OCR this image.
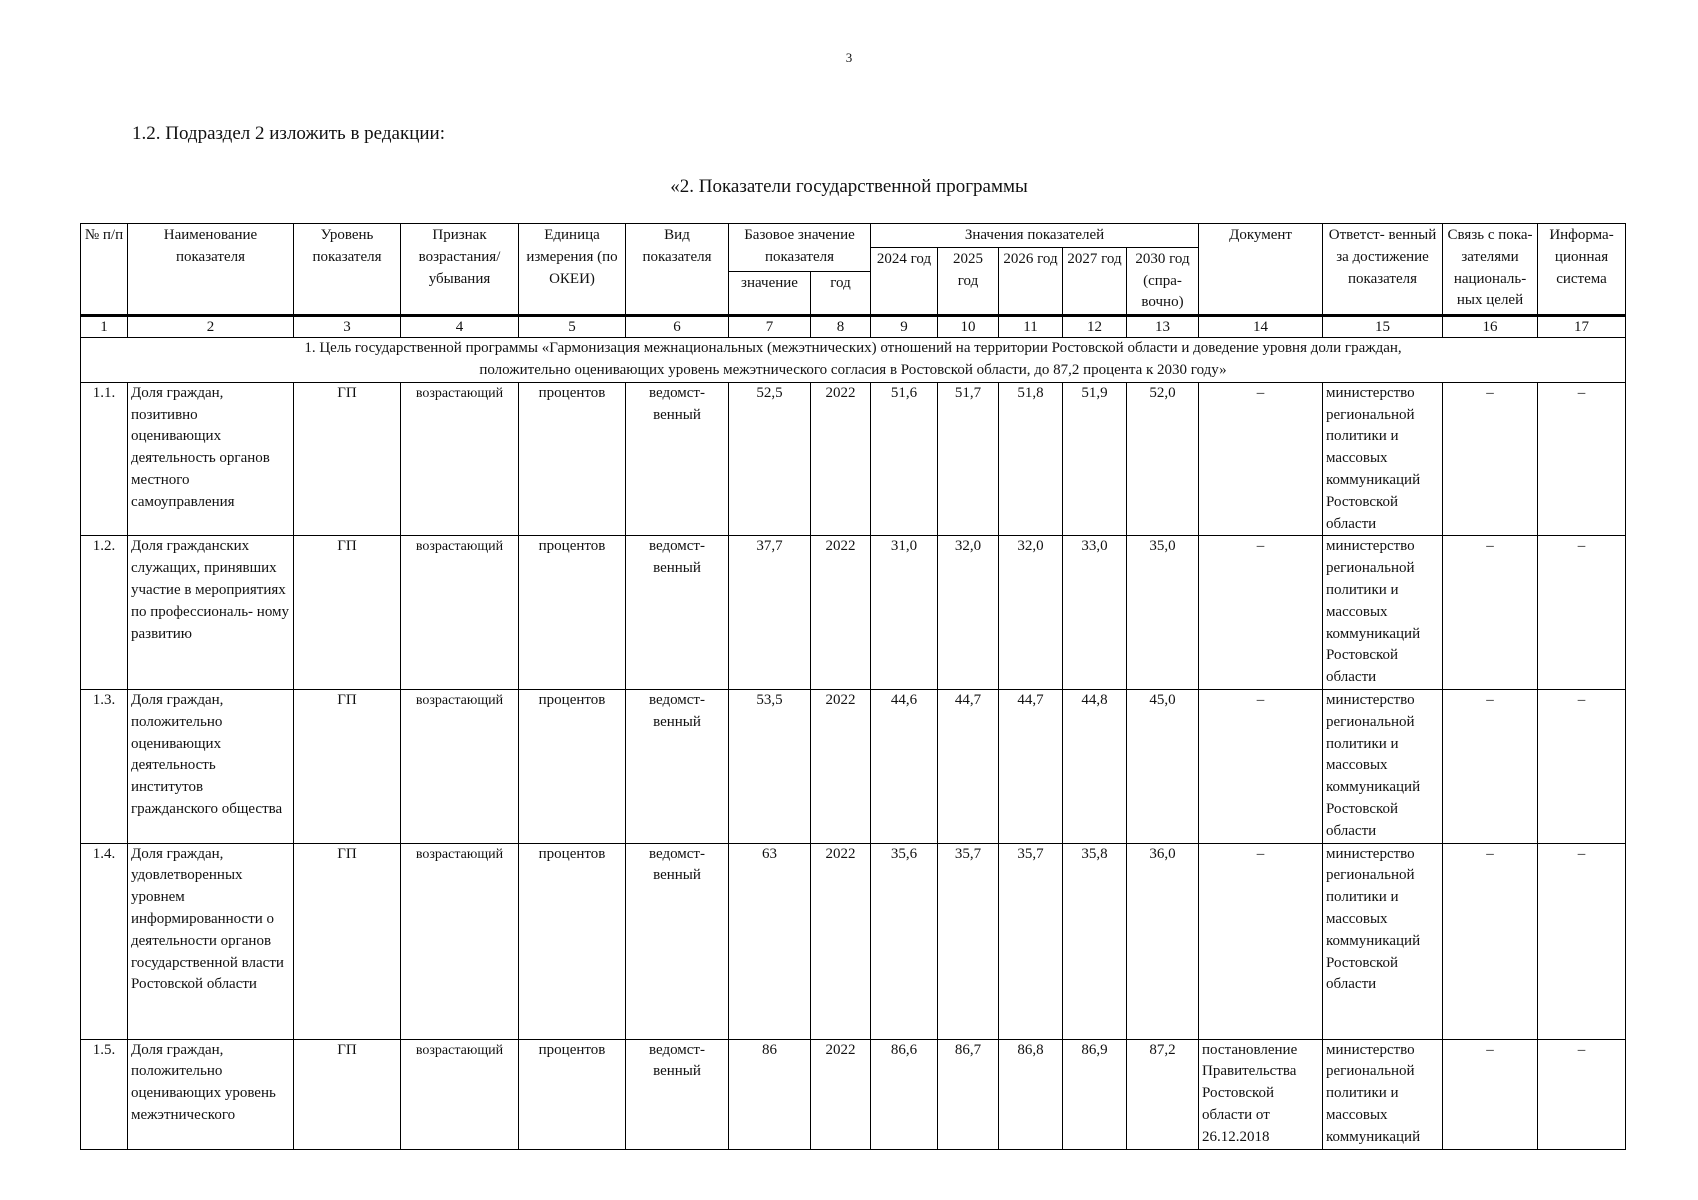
3
1.2. Подраздел 2 изложить в редакции:
«2. Показатели государственной программы
№ п/п	Наименование показателя	Уровень показателя	Признак возрастания/ убывания	Единица измерения (по ОКЕИ)	Вид показателя	Базовое значение показателя		Значения показателей					Документ	Ответст- венный за достижение показателя	Связь с пока- зателями националь- ных целей	Информа- ционная система
								2024 год	2025 год	2026 год	2027 год	2030 год (спра- вочно)				
						значение	год									
1	2	3	4	5	6	7	8	9	10	11	12	13	14	15	16	17
1. Цель государственной программы «Гармонизация межнациональных (межэтнических) отношений на территории Ростовской области и доведение уровня доли граждан, положительно оценивающих уровень межэтнического согласия в Ростовской области, до 87,2 процента к 2030 году»																
1.1.	Доля граждан, позитивно оценивающих деятельность органов местного самоуправления	ГП	возрастающий	процентов	ведомст- венный	52,5	2022	51,6	51,7	51,8	51,9	52,0	–	министерство региональной политики и массовых коммуникаций Ростовской области	–	–
1.2.	Доля гражданских служащих, принявших участие в мероприятиях по профессиональ- ному развитию	ГП	возрастающий	процентов	ведомст- венный	37,7	2022	31,0	32,0	32,0	33,0	35,0	–	министерство региональной политики и массовых коммуникаций Ростовской области	–	–
1.3.	Доля граждан, положительно оценивающих деятельность институтов гражданского общества	ГП	возрастающий	процентов	ведомст- венный	53,5	2022	44,6	44,7	44,7	44,8	45,0	–	министерство региональной политики и массовых коммуникаций Ростовской области	–	–
1.4.	Доля граждан, удовлетворенных уровнем информированности о деятельности органов государственной власти Ростовской области	ГП	возрастающий	процентов	ведомст- венный	63	2022	35,6	35,7	35,7	35,8	36,0	–	министерство региональной политики и массовых коммуникаций Ростовской области	–	–
1.5.	Доля граждан, положительно оценивающих уровень межэтнического	ГП	возрастающий	процентов	ведомст- венный	86	2022	86,6	86,7	86,8	86,9	87,2	постановление Правительства Ростовской области от 26.12.2018	министерство региональной политики и массовых коммуникаций	–	–
